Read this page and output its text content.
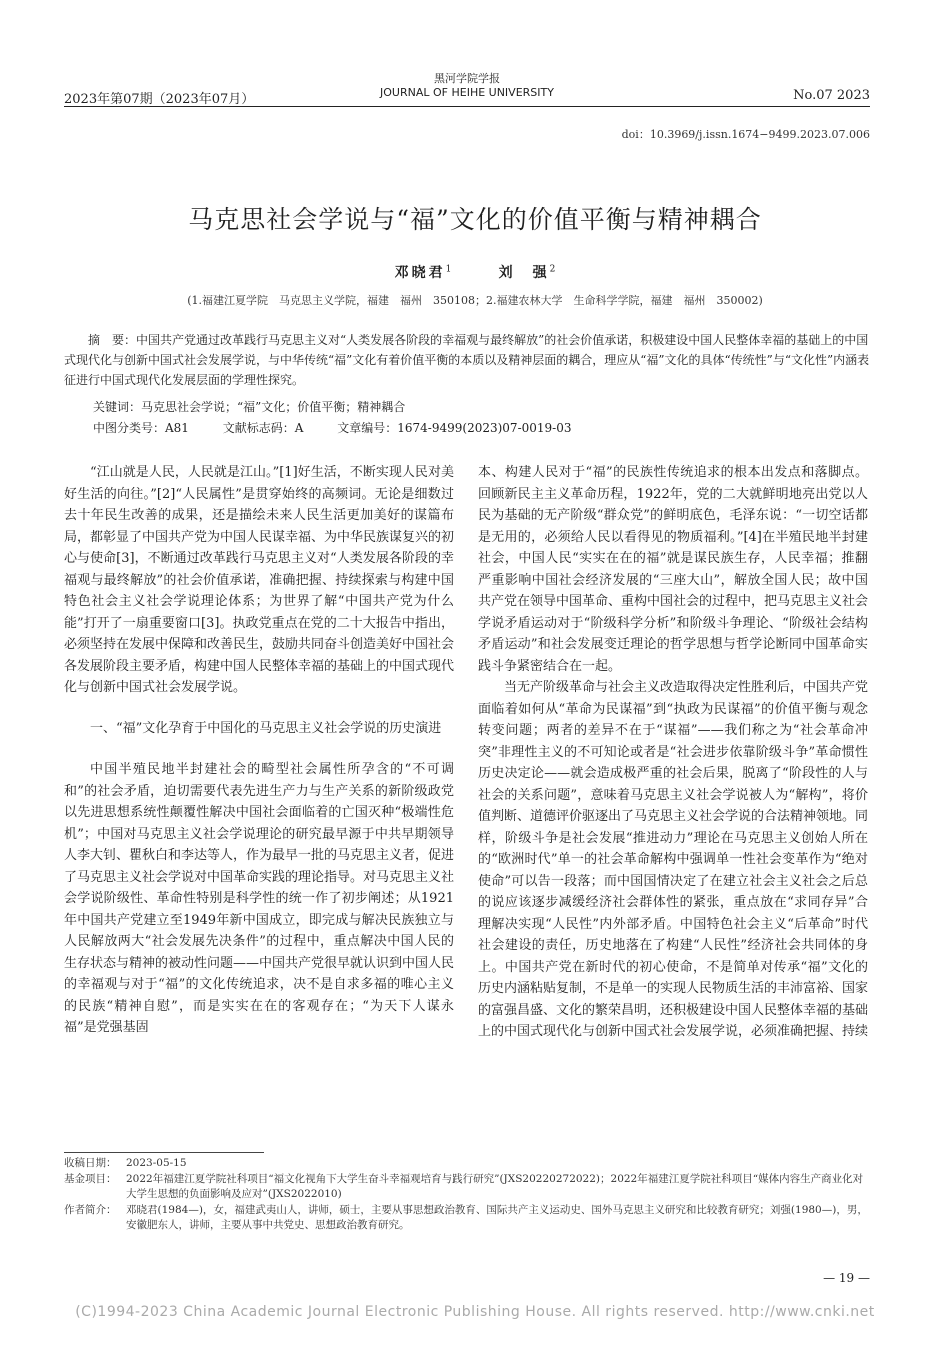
2023年第07期（2023年07月）
黑河学院学报
JOURNAL OF HEIHE UNIVERSITY	No.07 2023
doi：10.3969/j.issn.1674−9499.2023.07.006
马克思社会学说与“福”文化的价值平衡与精神耦合
邓晓君$^1$	刘　强$^2$
(1.福建江夏学院　马克思主义学院，福建　福州　350108；2.福建农林大学　生命科学学院，福建　福州　350002)
摘　要：中国共产党通过改革践行马克思主义对“人类发展各阶段的幸福观与最终解放”的社会价值承诺，积极建设中国人民整体幸福的基础上的中国式现代化与创新中国式社会发展学说，与中华传统“福”文化有着价值平衡的本质以及精神层面的耦合，理应从“福”文化的具体“传统性”与“文化性”内涵表征进行中国式现代化发展层面的学理性探究。
关键词：马克思社会学说；“福”文化；价值平衡；精神耦合
中图分类号：A81	文献标志码：A	文章编号：1674-9499(2023)07-0019-03

“江山就是人民，人民就是江山。”[1]好生活，不断实现人民对美好生活的向往。”[2]“人民属性”是贯穿始终的高频词。无论是细数过去十年民生改善的成果，还是描绘未来人民生活更加美好的谋篇布局，都彰显了中国共产党为中国人民谋幸福、为中华民族谋复兴的初心与使命[3]，不断通过改革践行马克思主义对“人类发展各阶段的幸福观与最终解放”的社会价值承诺，准确把握、持续探索与构建中国特色社会主义社会学说理论体系；为世界了解“中国共产党为什么能”打开了一扇重要窗口[3]。执政党重点在党的二十大报告中指出，必须坚持在发展中保障和改善民生，鼓励共同奋斗创造美好中国社会各发展阶段主要矛盾，构建中国人民整体幸福的基础上的中国式现代化与创新中国式社会发展学说。

一、“福”文化孕育于中国化的马克思主义社会学说的历史演进

中国半殖民地半封建社会的畸型社会属性所孕含的“不可调和”的社会矛盾，迫切需要代表先进生产力与生产关系的新阶级政党以先进思想系统性颠覆性解决中国社会面临着的亡国灭种“极端性危机”；中国对马克思主义社会学说理论的研究最早源于中共早期领导人李大钊、瞿秋白和李达等人，作为最早一批的马克思主义者，促进了马克思主义社会学说对中国革命实践的理论指导。对马克思主义社会学说阶级性、革命性特别是科学性的统一作了初步阐述；从1921年中国共产党建立至1949年新中国成立，即完成与解决民族独立与人民解放两大“社会发展先决条件”的过程中，重点解决中国人民的生存状态与精神的被动性问题——中国共产党很早就认识到中国人民的幸福观与对于“福”的文化传统追求，决不是自求多福的唯心主义的民族“精神自慰”，而是实实在在的客观存在；“为天下人谋永福”是党强基固

本、构建人民对于“福”的民族性传统追求的根本出发点和落脚点。回顾新民主主义革命历程，1922年，党的二大就鲜明地亮出党以人民为基础的无产阶级“群众党”的鲜明底色，毛泽东说：“一切空话都是无用的，必须给人民以看得见的物质福利。”[4]在半殖民地半封建社会，中国人民“实实在在的福”就是谋民族生存，人民幸福；推翻严重影响中国社会经济发展的“三座大山”，解放全国人民；故中国共产党在领导中国革命、重构中国社会的过程中，把马克思主义社会学说矛盾运动对于“阶级科学分析”和阶级斗争理论、“阶级社会结构矛盾运动”和社会发展变迁理论的哲学思想与哲学论断同中国革命实践斗争紧密结合在一起。

当无产阶级革命与社会主义改造取得决定性胜利后，中国共产党面临着如何从“革命为民谋福”到“执政为民谋福”的价值平衡与观念转变问题；两者的差异不在于“谋福”——我们称之为“社会革命冲突”非理性主义的不可知论或者是“社会进步依靠阶级斗争”革命惯性历史决定论——就会造成极严重的社会后果，脱离了“阶段性的人与社会的关系问题”，意味着马克思主义社会学说被人为“解构”，将价值判断、道德评价驱逐出了马克思主义社会学说的合法精神领地。同样，阶级斗争是社会发展“推进动力”理论在马克思主义创始人所在的“欧洲时代”单一的社会革命解构中强调单一性社会变革作为“绝对使命”可以告一段落；而中国国情决定了在建立社会主义社会之后总的说应该逐步减缓经济社会群体性的紧张，重点放在“求同存异”合理解决实现“人民性”内外部矛盾。中国特色社会主义“后革命”时代社会建设的责任，历史地落在了构建“人民性”经济社会共同体的身上。中国共产党在新时代的初心使命，不是简单对传承“福”文化的历史内涵粘贴复制，不是单一的实现人民物质生活的丰沛富裕、国家的富强昌盛、文化的繁荣昌明，还积极建设中国人民整体幸福的基础上的中国式现代化与创新中国式社会发展学说，必须准确把握、持续

收稿日期： 2023-05-15
基金项目： 2022年福建江夏学院社科项目“福文化视角下大学生奋斗幸福观培育与践行研究”(JXS20220272022)；2022年福建江夏学院社科项目“媒体内容生产商业化对大学生思想的负面影响及应对”(JXS2022010)
作者简介： 邓晓君(1984—)，女，福建武夷山人，讲师，硕士，主要从事思想政治教育、国际共产主义运动史、国外马克思主义研究和比较教育研究；刘强(1980—)，男，安徽肥东人，讲师，主要从事中共党史、思想政治教育研究。
— 19 —
(C)1994-2023 China Academic Journal Electronic Publishing House. All rights reserved. http://www.cnki.net
